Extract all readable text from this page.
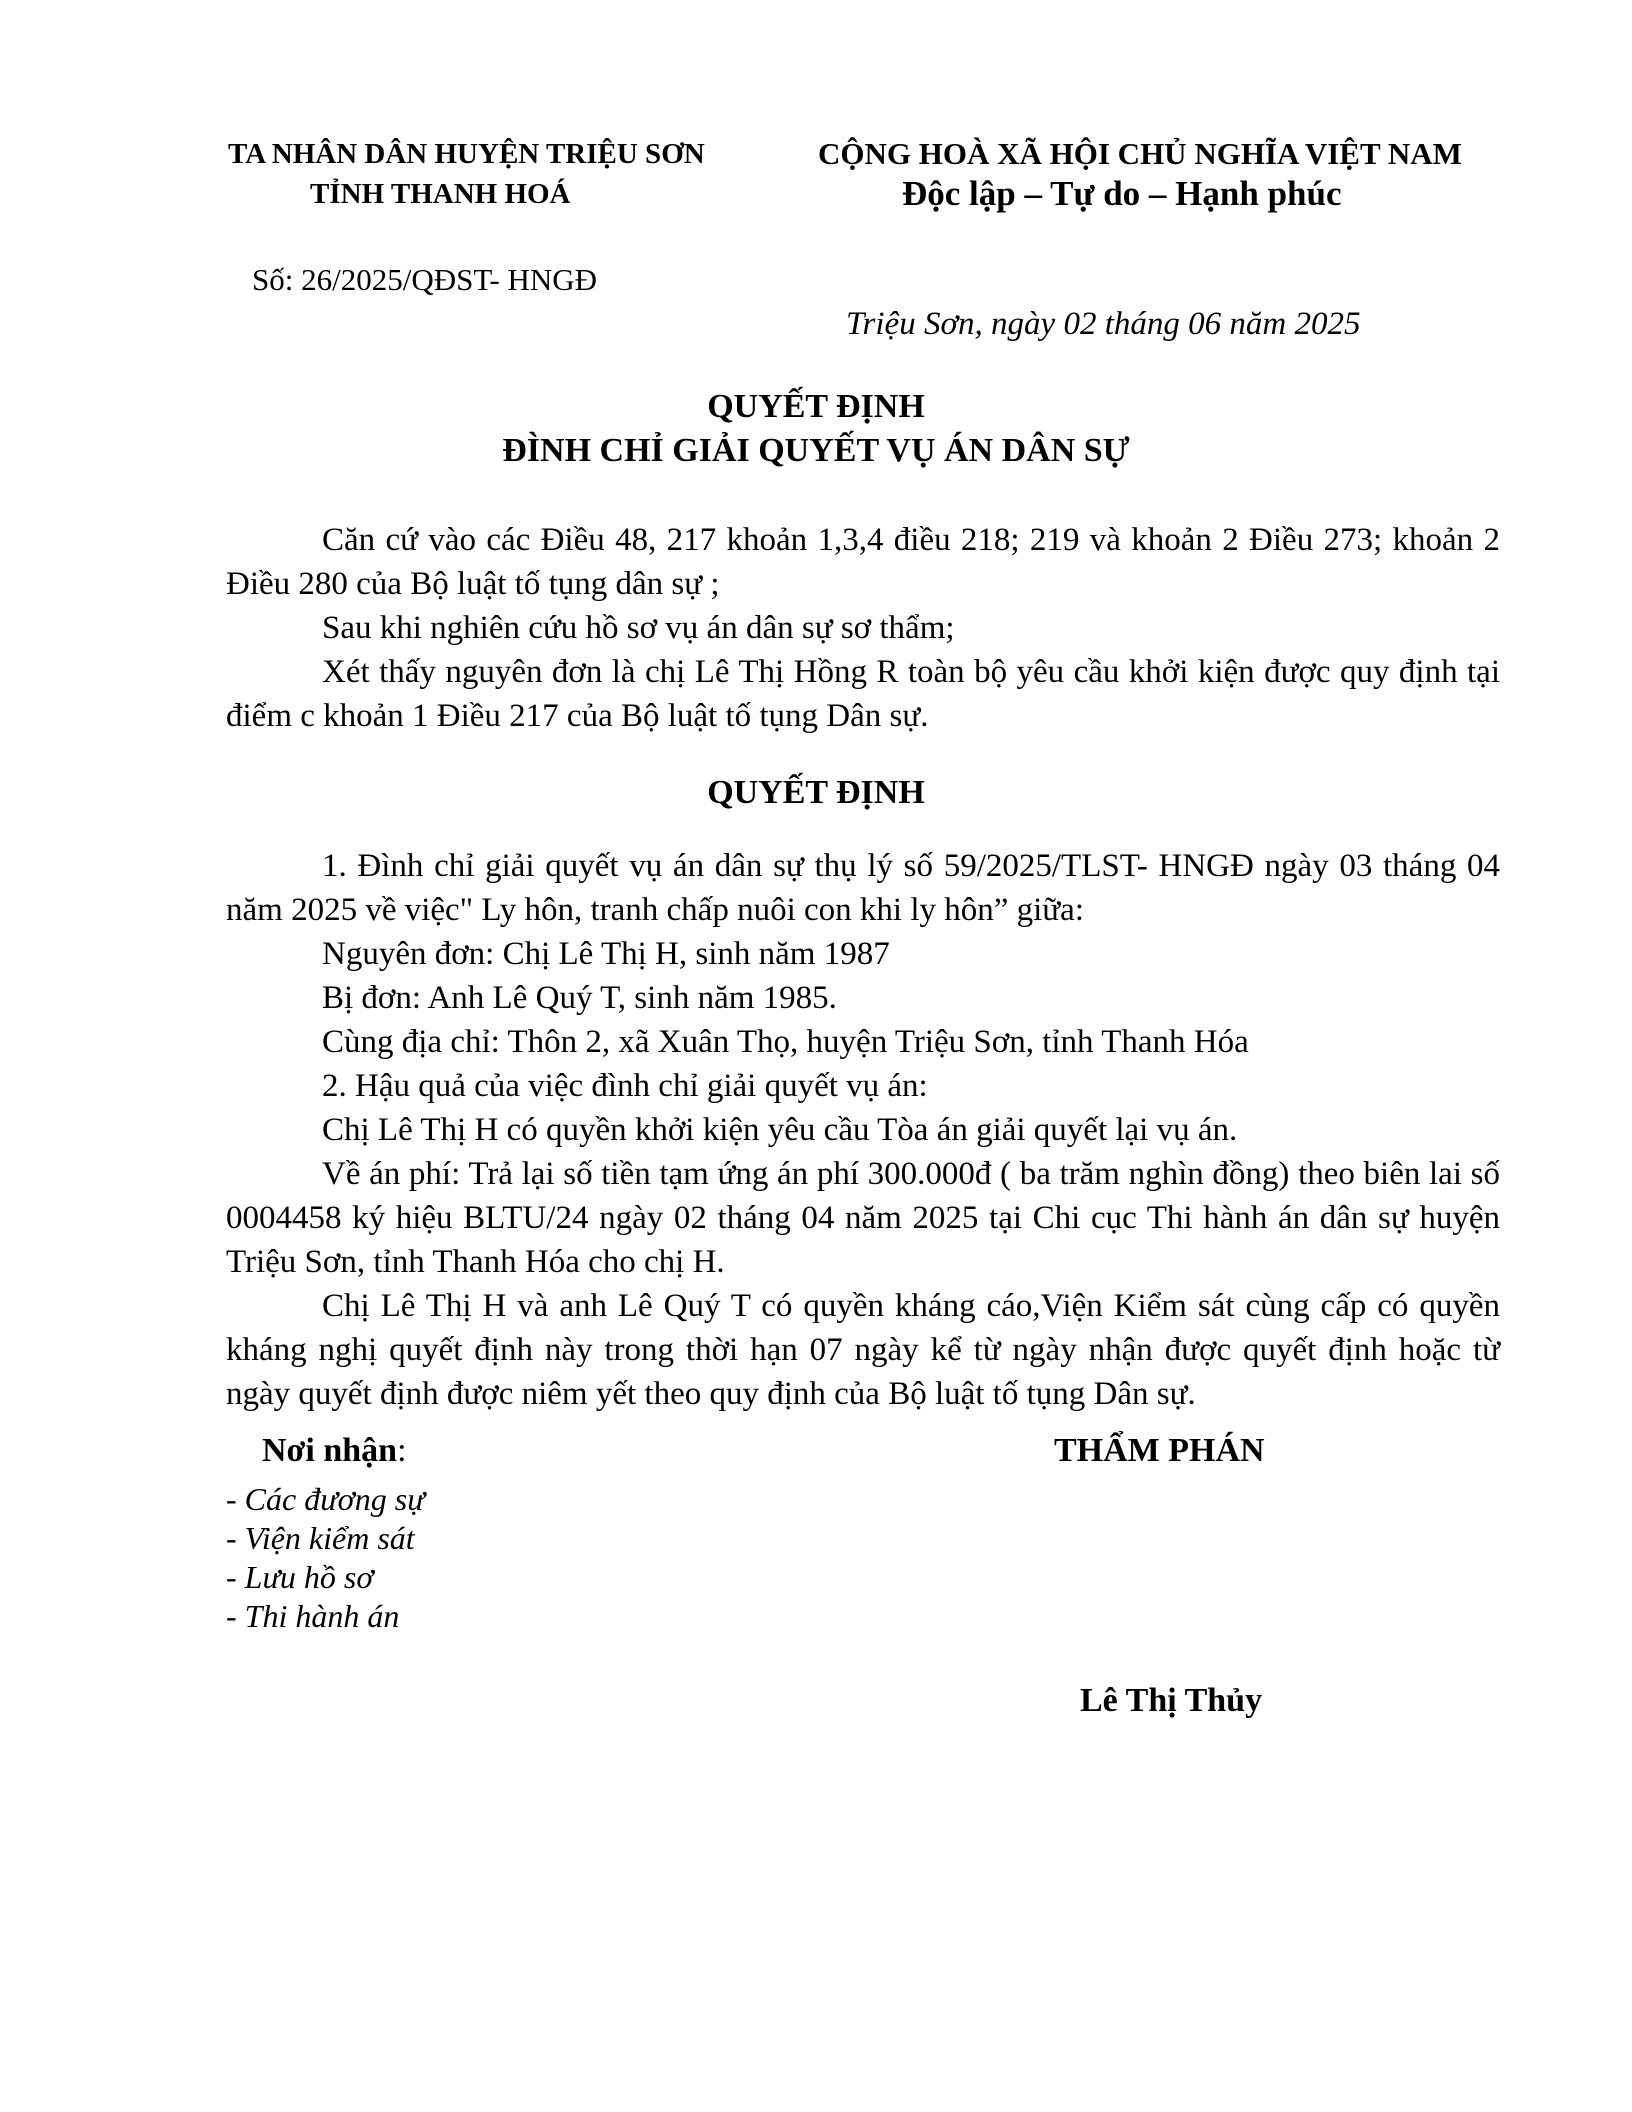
TA NHÂN DÂN HUYỆN TRIỆU SƠN
TỈNH THANH HOÁ
CỘNG HOÀ XÃ HỘI CHỦ NGHĨA VIỆT NAM
Độc lập – Tự do – Hạnh phúc
Số: 26/2025/QĐST- HNGĐ
Triệu Sơn, ngày 02 tháng 06 năm 2025
QUYẾT ĐỊNH
ĐÌNH CHỈ GIẢI QUYẾT VỤ ÁN DÂN SỰ

Căn cứ vào các Điều 48, 217 khoản 1,3,4 điều 218; 219 và khoản 2 Điều 273; khoản 2 Điều 280 của Bộ luật tố tụng dân sự ;

Sau khi nghiên cứu hồ sơ vụ án dân sự sơ thẩm;

Xét thấy nguyên đơn là chị Lê Thị Hồng R toàn bộ yêu cầu khởi kiện được quy định tại điểm c khoản 1 Điều 217 của Bộ luật tố tụng Dân sự.

QUYẾT ĐỊNH

1. Đình chỉ giải quyết vụ án dân sự thụ lý số 59/2025/TLST- HNGĐ ngày 03 tháng 04 năm 2025 về việc" Ly hôn, tranh chấp nuôi con khi ly hôn” giữa:

Nguyên đơn: Chị Lê Thị H, sinh năm 1987

Bị đơn: Anh Lê Quý T, sinh năm 1985.

Cùng địa chỉ: Thôn 2, xã Xuân Thọ, huyện Triệu Sơn, tỉnh Thanh Hóa

2. Hậu quả của việc đình chỉ giải quyết vụ án:

Chị Lê Thị H có quyền khởi kiện yêu cầu Tòa án giải quyết lại vụ án.

Về án phí: Trả lại số tiền tạm ứng án phí 300.000đ ( ba trăm nghìn đồng) theo biên lai số 0004458 ký hiệu BLTU/24 ngày 02 tháng 04 năm 2025 tại Chi cục Thi hành án dân sự huyện Triệu Sơn, tỉnh Thanh Hóa cho chị H.

Chị Lê Thị H và anh Lê Quý T có quyền kháng cáo,Viện Kiểm sát cùng cấp có quyền kháng nghị quyết định này trong thời hạn 07 ngày kể từ ngày nhận được quyết định hoặc từ ngày quyết định được niêm yết theo quy định của Bộ luật tố tụng Dân sự.

Nơi nhận:
- Các đương sự
- Viện kiểm sát
- Lưu hồ sơ
- Thi hành án
THẨM PHÁN
Lê Thị Thủy
